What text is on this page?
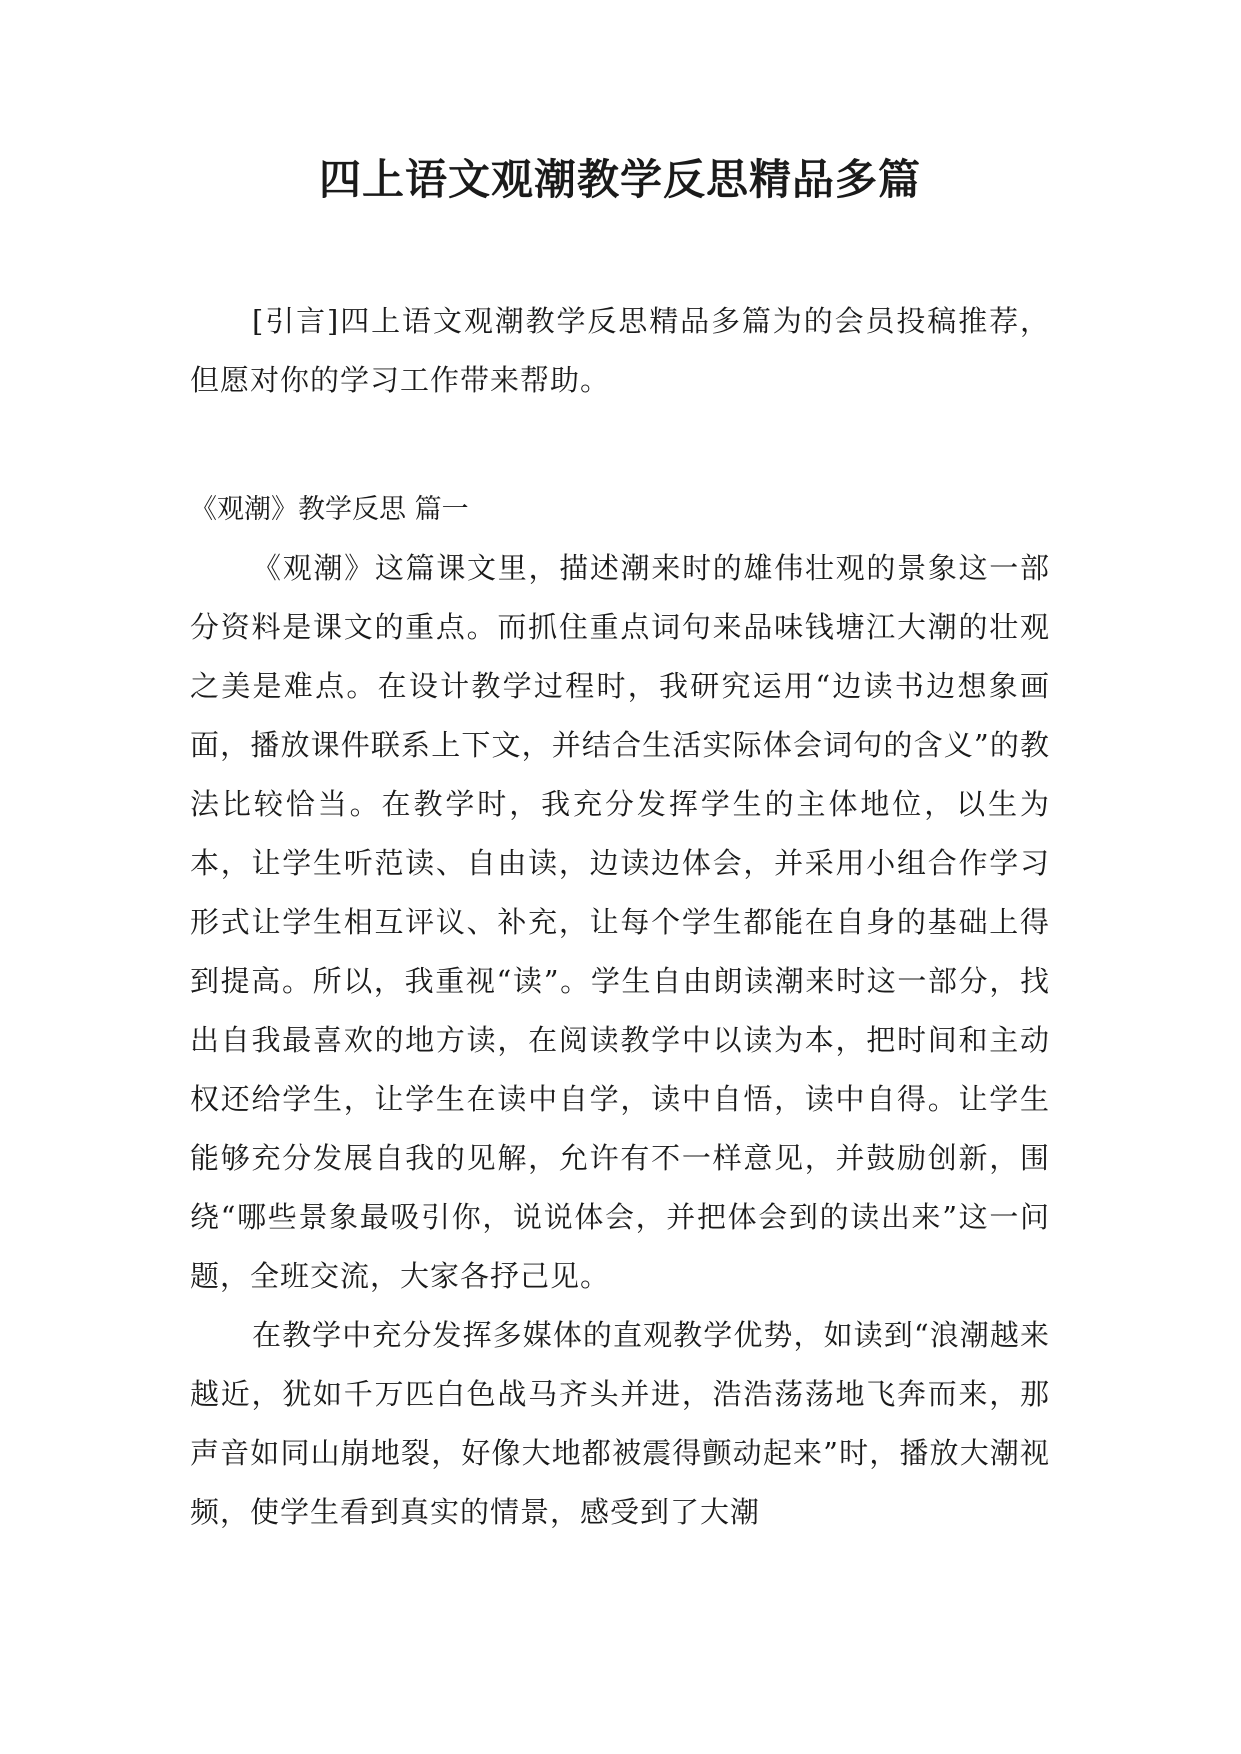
四上语文观潮教学反思精品多篇

[引言]四上语文观潮教学反思精品多篇为的会员投稿推荐，但愿对你的学习工作带来帮助。

《观潮》教学反思 篇一

《观潮》这篇课文里，描述潮来时的雄伟壮观的景象这一部分资料是课文的重点。而抓住重点词句来品味钱塘江大潮的壮观之美是难点。在设计教学过程时，我研究运用“边读书边想象画面，播放课件联系上下文，并结合生活实际体会词句的含义”的教法比较恰当。在教学时，我充分发挥学生的主体地位，以生为本，让学生听范读、自由读，边读边体会，并采用小组合作学习形式让学生相互评议、补充，让每个学生都能在自身的基础上得到提高。所以，我重视“读”。学生自由朗读潮来时这一部分，找出自我最喜欢的地方读，在阅读教学中以读为本，把时间和主动权还给学生，让学生在读中自学，读中自悟，读中自得。让学生能够充分发展自我的见解，允许有不一样意见，并鼓励创新，围绕“哪些景象最吸引你，说说体会，并把体会到的读出来”这一问题，全班交流，大家各抒己见。

在教学中充分发挥多媒体的直观教学优势，如读到“浪潮越来越近，犹如千万匹白色战马齐头并进，浩浩荡荡地飞奔而来，那声音如同山崩地裂，好像大地都被震得颤动起来”时，播放大潮视频，使学生看到真实的情景，感受到了大潮
